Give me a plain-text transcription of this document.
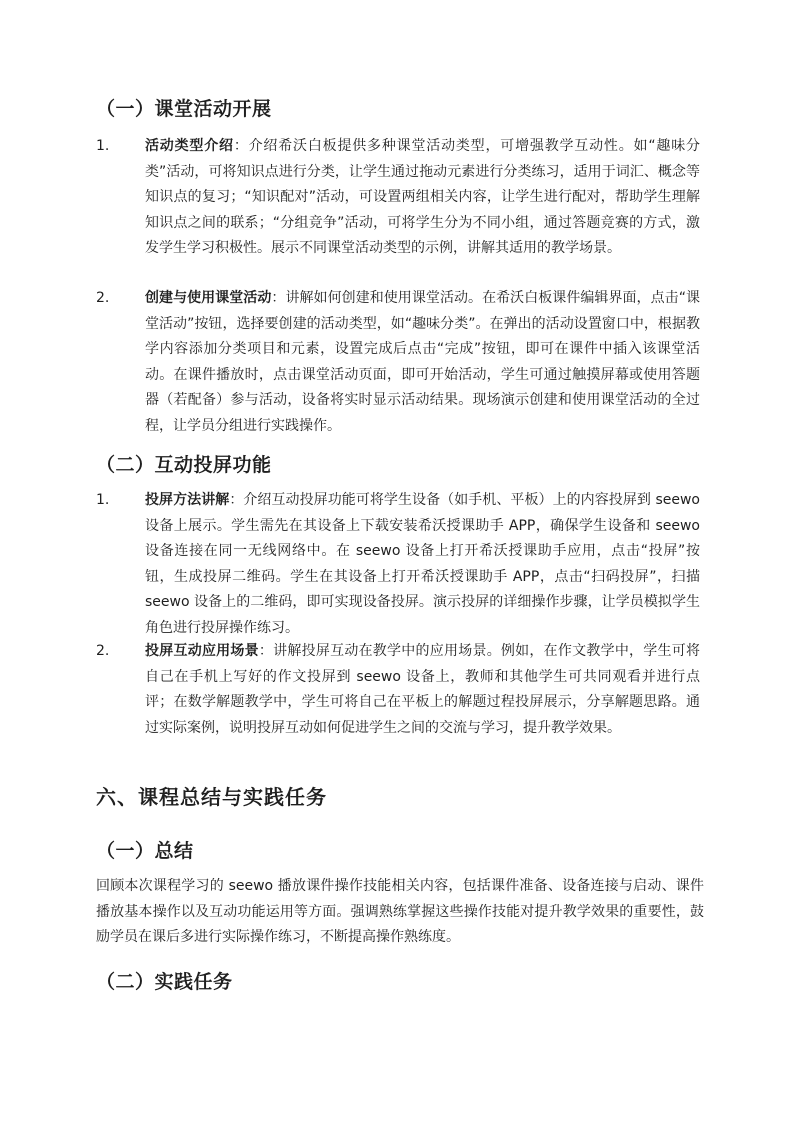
（一）课堂活动开展
1.	活动类型介绍：介绍希沃白板提供多种课堂活动类型，可增强教学互动性。如“趣味分类”活动，可将知识点进行分类，让学生通过拖动元素进行分类练习，适用于词汇、概念等知识点的复习；“知识配对”活动，可设置两组相关内容，让学生进行配对，帮助学生理解知识点之间的联系；“分组竞争”活动，可将学生分为不同小组，通过答题竞赛的方式，激发学生学习积极性。展示不同课堂活动类型的示例，讲解其适用的教学场景。
2.	创建与使用课堂活动：讲解如何创建和使用课堂活动。在希沃白板课件编辑界面，点击“课堂活动”按钮，选择要创建的活动类型，如“趣味分类”。在弹出的活动设置窗口中，根据教学内容添加分类项目和元素，设置完成后点击“完成”按钮，即可在课件中插入该课堂活动。在课件播放时，点击课堂活动页面，即可开始活动，学生可通过触摸屏幕或使用答题器（若配备）参与活动，设备将实时显示活动结果。现场演示创建和使用课堂活动的全过程，让学员分组进行实践操作。
（二）互动投屏功能
1.	投屏方法讲解：介绍互动投屏功能可将学生设备（如手机、平板）上的内容投屏到 seewo 设备上展示。学生需先在其设备上下载安装希沃授课助手 APP，确保学生设备和 seewo 设备连接在同一无线网络中。在 seewo 设备上打开希沃授课助手应用，点击“投屏”按钮，生成投屏二维码。学生在其设备上打开希沃授课助手 APP，点击“扫码投屏”，扫描 seewo 设备上的二维码，即可实现设备投屏。演示投屏的详细操作步骤，让学员模拟学生角色进行投屏操作练习。
2.	投屏互动应用场景：讲解投屏互动在教学中的应用场景。例如，在作文教学中，学生可将自己在手机上写好的作文投屏到 seewo 设备上，教师和其他学生可共同观看并进行点评；在数学解题教学中，学生可将自己在平板上的解题过程投屏展示，分享解题思路。通过实际案例，说明投屏互动如何促进学生之间的交流与学习，提升教学效果。
六、课程总结与实践任务
（一）总结

回顾本次课程学习的 seewo 播放课件操作技能相关内容，包括课件准备、设备连接与启动、课件播放基本操作以及互动功能运用等方面。强调熟练掌握这些操作技能对提升教学效果的重要性，鼓励学员在课后多进行实际操作练习，不断提高操作熟练度。

（二）实践任务
